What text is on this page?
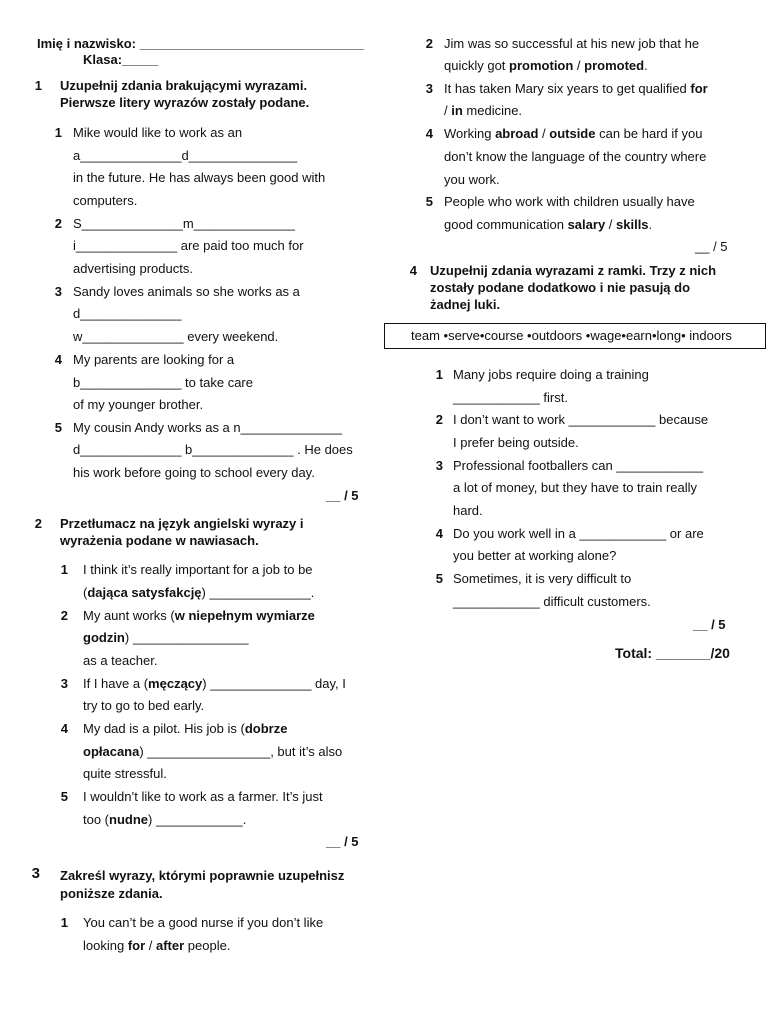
Imię i nazwisko: _______________________________
Klasa:_____
1 Uzupełnij zdania brakującymi wyrazami.
Pierwsze litery wyrazów zostały podane.
1 Mike would like to work as an
a______________d_______________
in the future. He has always been good with
computers.
2 S______________m______________
i______________ are paid too much for
advertising products.
3 Sandy loves animals so she works as a
d______________
w______________ every weekend.
4 My parents are looking for a
b______________ to take care
of my younger brother.
5 My cousin Andy works as a n______________
d______________ b______________ . He does
his work before going to school every day.
__ / 5
2 Przetłumacz na język angielski wyrazy i
wyrażenia podane w nawiasach.
1 I think it’s really important for a job to be
(dająca satysfakcję) ______________.
2 My aunt works (w niepełnym wymiarze
godzin) ________________
as a teacher.
3 If I have a (męczący) ______________ day, I
try to go to bed early.
4 My dad is a pilot. His job is (dobrze
opłacana) _________________, but it’s also
quite stressful.
5 I wouldn’t like to work as a farmer. It’s just
too (nudne) ____________.
__ / 5
3 Zakreśl wyrazy, którymi poprawnie uzupełnisz
poniższe zdania.
1 You can’t be a good nurse if you don’t like
looking for / after people.
2 Jim was so successful at his new job that he
quickly got promotion / promoted.
3 It has taken Mary six years to get qualified for
/ in medicine.
4 Working abroad / outside can be hard if you
don’t know the language of the country where
you work.
5 People who work with children usually have
good communication salary / skills.
__ / 5
4 Uzupełnij zdania wyrazami z ramki. Trzy z nich
zostały podane dodatkowo i nie pasują do
żadnej luki.
team •serve•course •outdoors •wage•earn•long• indoors
1 Many jobs require doing a training
____________ first.
2 I don’t want to work ____________ because
I prefer being outside.
3 Professional footballers can ____________
a lot of money, but they have to train really
hard.
4 Do you work well in a ____________ or are
you better at working alone?
5 Sometimes, it is very difficult to
____________ difficult customers.
__ / 5
Total: _______/20
